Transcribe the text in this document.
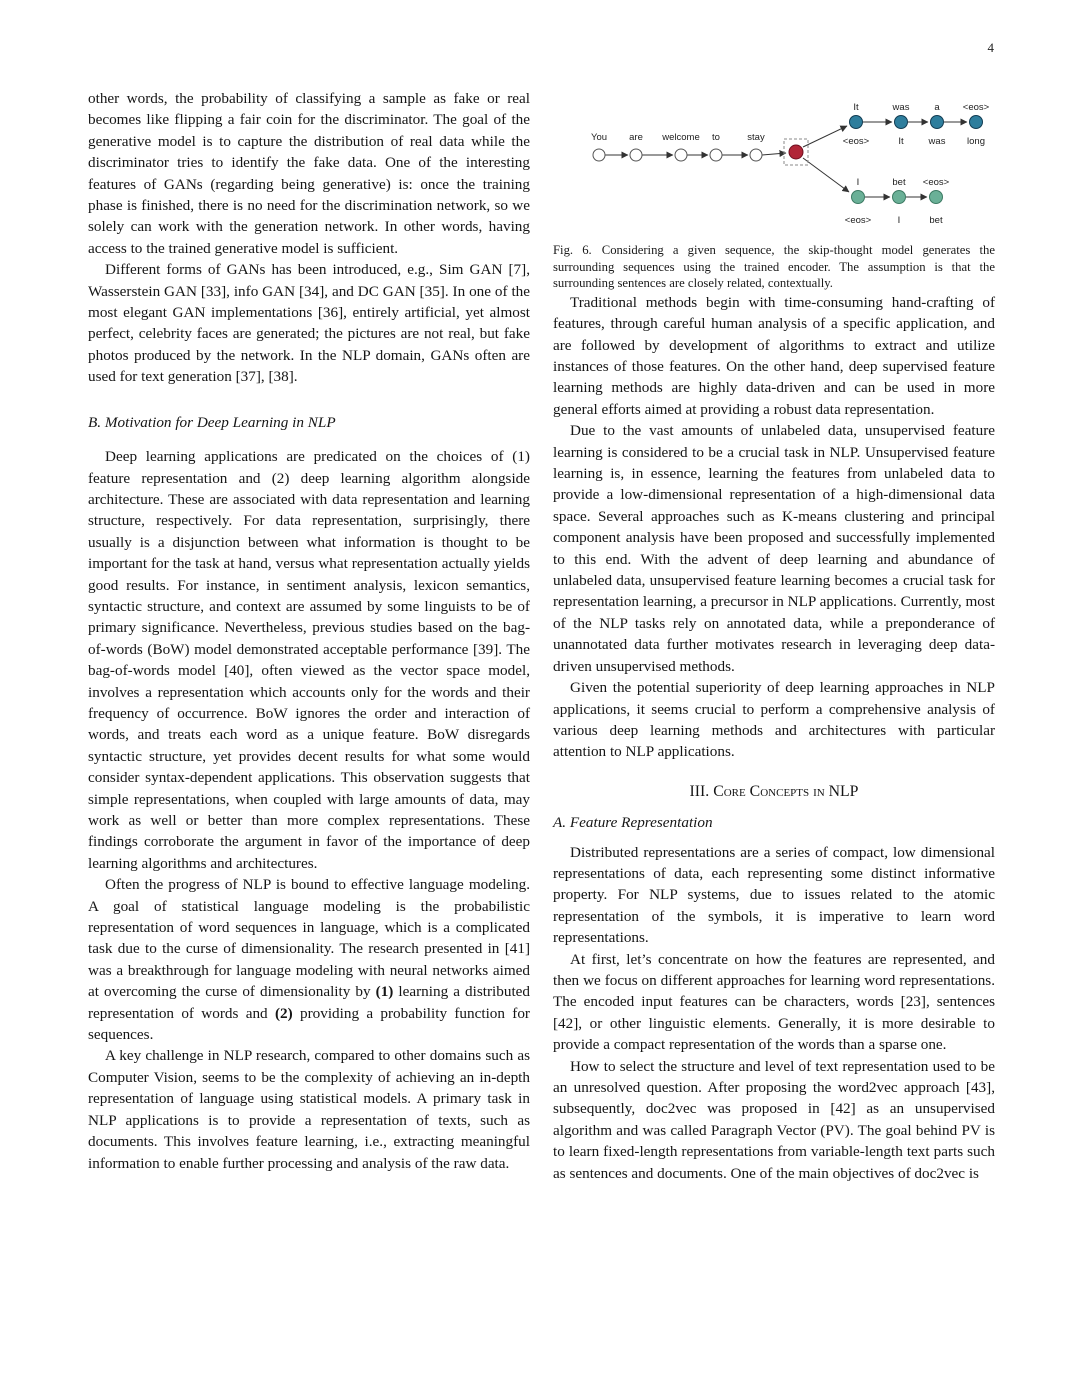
4

other words, the probability of classifying a sample as fake or real becomes like flipping a fair coin for the discriminator. The goal of the generative model is to capture the distribution of real data while the discriminator tries to identify the fake data. One of the interesting features of GANs (regarding being generative) is: once the training phase is finished, there is no need for the discrimination network, so we solely can work with the generation network. In other words, having access to the trained generative model is sufficient.

Different forms of GANs has been introduced, e.g., Sim GAN [7], Wasserstein GAN [33], info GAN [34], and DC GAN [35]. In one of the most elegant GAN implementations [36], entirely artificial, yet almost perfect, celebrity faces are generated; the pictures are not real, but fake photos produced by the network. In the NLP domain, GANs often are used for text generation [37], [38].

B. Motivation for Deep Learning in NLP

Deep learning applications are predicated on the choices of (1) feature representation and (2) deep learning algorithm alongside architecture. These are associated with data representation and learning structure, respectively. For data representation, surprisingly, there usually is a disjunction between what information is thought to be important for the task at hand, versus what representation actually yields good results. For instance, in sentiment analysis, lexicon semantics, syntactic structure, and context are assumed by some linguists to be of primary significance. Nevertheless, previous studies based on the bag-of-words (BoW) model demonstrated acceptable performance [39]. The bag-of-words model [40], often viewed as the vector space model, involves a representation which accounts only for the words and their frequency of occurrence. BoW ignores the order and interaction of words, and treats each word as a unique feature. BoW disregards syntactic structure, yet provides decent results for what some would consider syntax-dependent applications. This observation suggests that simple representations, when coupled with large amounts of data, may work as well or better than more complex representations. These findings corroborate the argument in favor of the importance of deep learning algorithms and architectures.

Often the progress of NLP is bound to effective language modeling. A goal of statistical language modeling is the probabilistic representation of word sequences in language, which is a complicated task due to the curse of dimensionality. The research presented in [41] was a breakthrough for language modeling with neural networks aimed at overcoming the curse of dimensionality by (1) learning a distributed representation of words and (2) providing a probability function for sequences.

A key challenge in NLP research, compared to other domains such as Computer Vision, seems to be the complexity of achieving an in-depth representation of language using statistical models. A primary task in NLP applications is to provide a representation of texts, such as documents. This involves feature learning, i.e., extracting meaningful information to enable further processing and analysis of the raw data.

You are welcome to	stay
It	was	a <eos>
<eos>	It	was long
I	bet <eos>
<eos>	I	bet

Fig. 6. Considering a given sequence, the skip-thought model generates the surrounding sequences using the trained encoder. The assumption is that the surrounding sentences are closely related, contextually.

Traditional methods begin with time-consuming hand-crafting of features, through careful human analysis of a specific application, and are followed by development of algorithms to extract and utilize instances of those features. On the other hand, deep supervised feature learning methods are highly data-driven and can be used in more general efforts aimed at providing a robust data representation.

Due to the vast amounts of unlabeled data, unsupervised feature learning is considered to be a crucial task in NLP. Unsupervised feature learning is, in essence, learning the features from unlabeled data to provide a low-dimensional representation of a high-dimensional data space. Several approaches such as K-means clustering and principal component analysis have been proposed and successfully implemented to this end. With the advent of deep learning and abundance of unlabeled data, unsupervised feature learning becomes a crucial task for representation learning, a precursor in NLP applications. Currently, most of the NLP tasks rely on annotated data, while a preponderance of unannotated data further motivates research in leveraging deep data-driven unsupervised methods.

Given the potential superiority of deep learning approaches in NLP applications, it seems crucial to perform a comprehensive analysis of various deep learning methods and architectures with particular attention to NLP applications.

III. Core Concepts in NLP
A. Feature Representation

Distributed representations are a series of compact, low dimensional representations of data, each representing some distinct informative property. For NLP systems, due to issues related to the atomic representation of the symbols, it is imperative to learn word representations.

At first, let’s concentrate on how the features are represented, and then we focus on different approaches for learning word representations. The encoded input features can be characters, words [23], sentences [42], or other linguistic elements. Generally, it is more desirable to provide a compact representation of the words than a sparse one.

How to select the structure and level of text representation used to be an unresolved question. After proposing the word2vec approach [43], subsequently, doc2vec was proposed in [42] as an unsupervised algorithm and was called Paragraph Vector (PV). The goal behind PV is to learn fixed-length representations from variable-length text parts such as sentences and documents. One of the main objectives of doc2vec is
